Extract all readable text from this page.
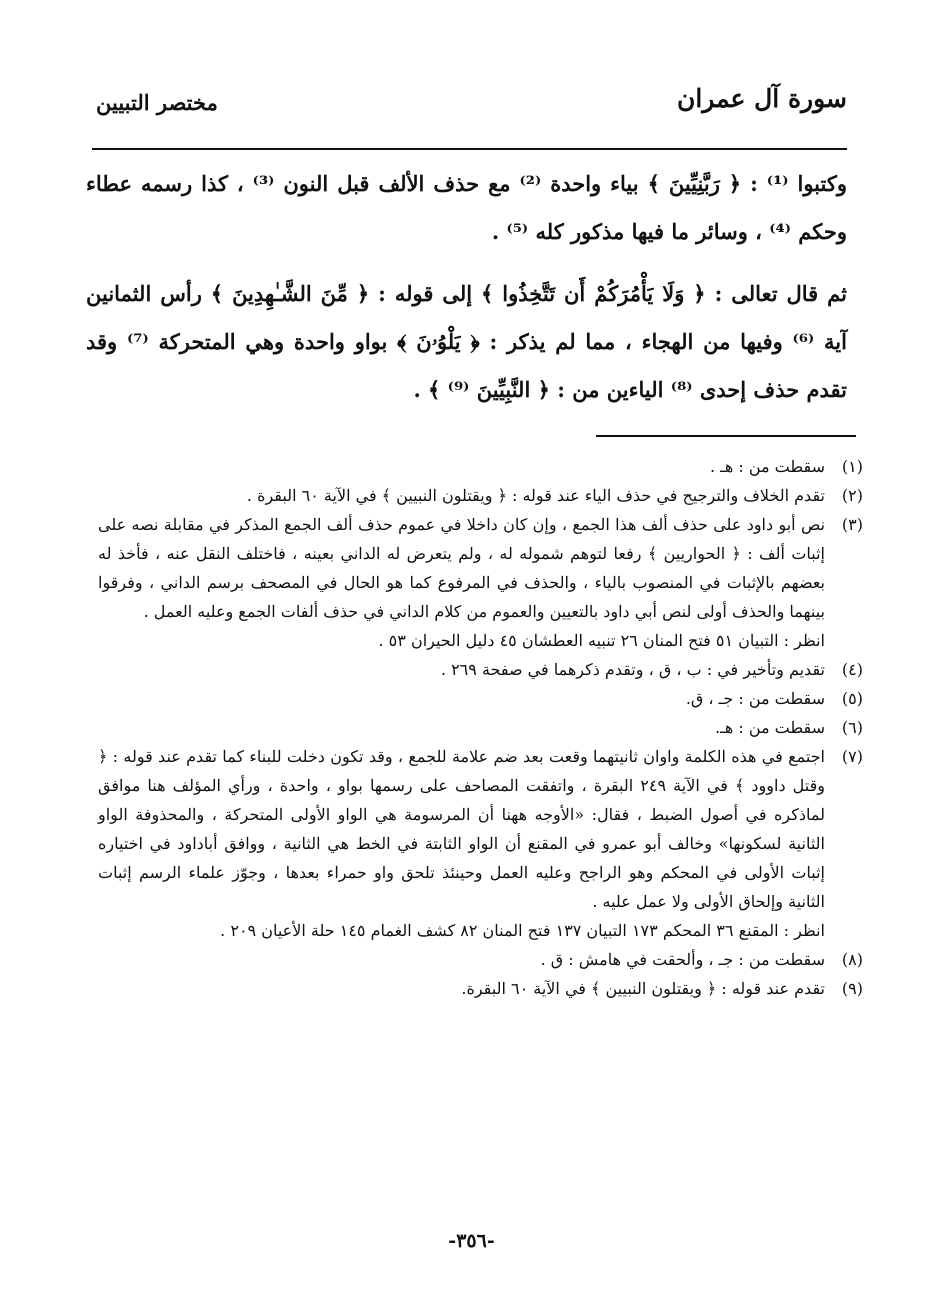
سورة آل عمران
مختصر التبيين

وكتبوا ⁽¹⁾ : ﴿ رَبَّنِيِّينَ ﴾ بياء واحدة ⁽²⁾ مع حذف الألف قبل النون ⁽³⁾ ، كذا رسمه عطاء وحكم ⁽⁴⁾ ، وسائر ما فيها مذكور كله ⁽⁵⁾ .

ثم قال تعالى : ﴿ وَلَا يَأْمُرَكُمْ أَن تَتَّخِذُوا ﴾ إلى قوله : ﴿ مِّنَ الشَّـٰهِدِينَ ﴾ رأس الثمانين آية ⁽⁶⁾ وفيها من الهجاء ، مما لم يذكر : ﴿ يَلْوُۥنَ ﴾ بواو واحدة وهي المتحركة ⁽⁷⁾ وقد تقدم حذف إحدى ⁽⁸⁾ الياءين من : ﴿ النَّبِيِّينَ ⁽⁹⁾ ﴾ .

(١)
سقطت من : هـ .

(٢)
تقدم الخلاف والترجيح في حذف الياء عند قوله : ﴿ ويقتلون النبيين ﴾ في الآية ٦٠ البقرة .

(٣)
نص أبو داود على حذف ألف هذا الجمع ، وإن كان داخلا في عموم حذف ألف الجمع المذكر في مقابلة نصه على إثبات ألف : ﴿ الحواريين ﴾ رفعا لتوهم شموله له ، ولم يتعرض له الداني بعينه ، فاختلف النقل عنه ، فأخذ له بعضهم بالإثبات في المنصوب بالياء ، والحذف في المرفوع كما هو الحال في المصحف برسم الداني ، وفرقوا بينهما والحذف أولى لنص أبي داود بالتعيين والعموم من كلام الداني في حذف ألفات الجمع وعليه العمل .

انظر : التبيان ٥١ فتح المنان ٢٦ تنبيه العطشان ٤٥ دليل الحيران ٥٣ .

(٤)
تقديم وتأخير في : ب ، ق ، وتقدم ذكرهما في صفحة ٢٦٩ .

(٥)
سقطت من : جـ ، ق.

(٦)
سقطت من : هـ.

(٧)
اجتمع في هذه الكلمة واوان ثانيتهما وقعت بعد ضم علامة للجمع ، وقد تكون دخلت للبناء كما تقدم عند قوله : ﴿ وقتل داوود ﴾ في الآية ٢٤٩ البقرة ، واتفقت المصاحف على رسمها بواو ، واحدة ، ورأي المؤلف هنا موافق لماذكره في أصول الضبط ، فقال: «الأوجه ههنا أن المرسومة هي الواو الأولى المتحركة ، والمحذوفة الواو الثانية لسكونها» وخالف أبو عمرو في المقنع أن الواو الثابتة في الخط هي الثانية ، ووافق أباداود في اختياره إثبات الأولى في المحكم وهو الراجح وعليه العمل وحينئذ تلحق واو حمراء بعدها ، وجوّز علماء الرسم إثبات الثانية وإلحاق الأولى ولا عمل عليه .

انظر : المقنع ٣٦ المحكم ١٧٣ التبيان ١٣٧ فتح المنان ٨٢ كشف الغمام ١٤٥ حلة الأعيان ٢٠٩ .

(٨)
سقطت من : جـ ، وألحقت في هامش : ق .

(٩)
تقدم عند قوله : ﴿ ويقتلون النبيين ﴾ في الآية ٦٠ البقرة.

-٣٥٦-
